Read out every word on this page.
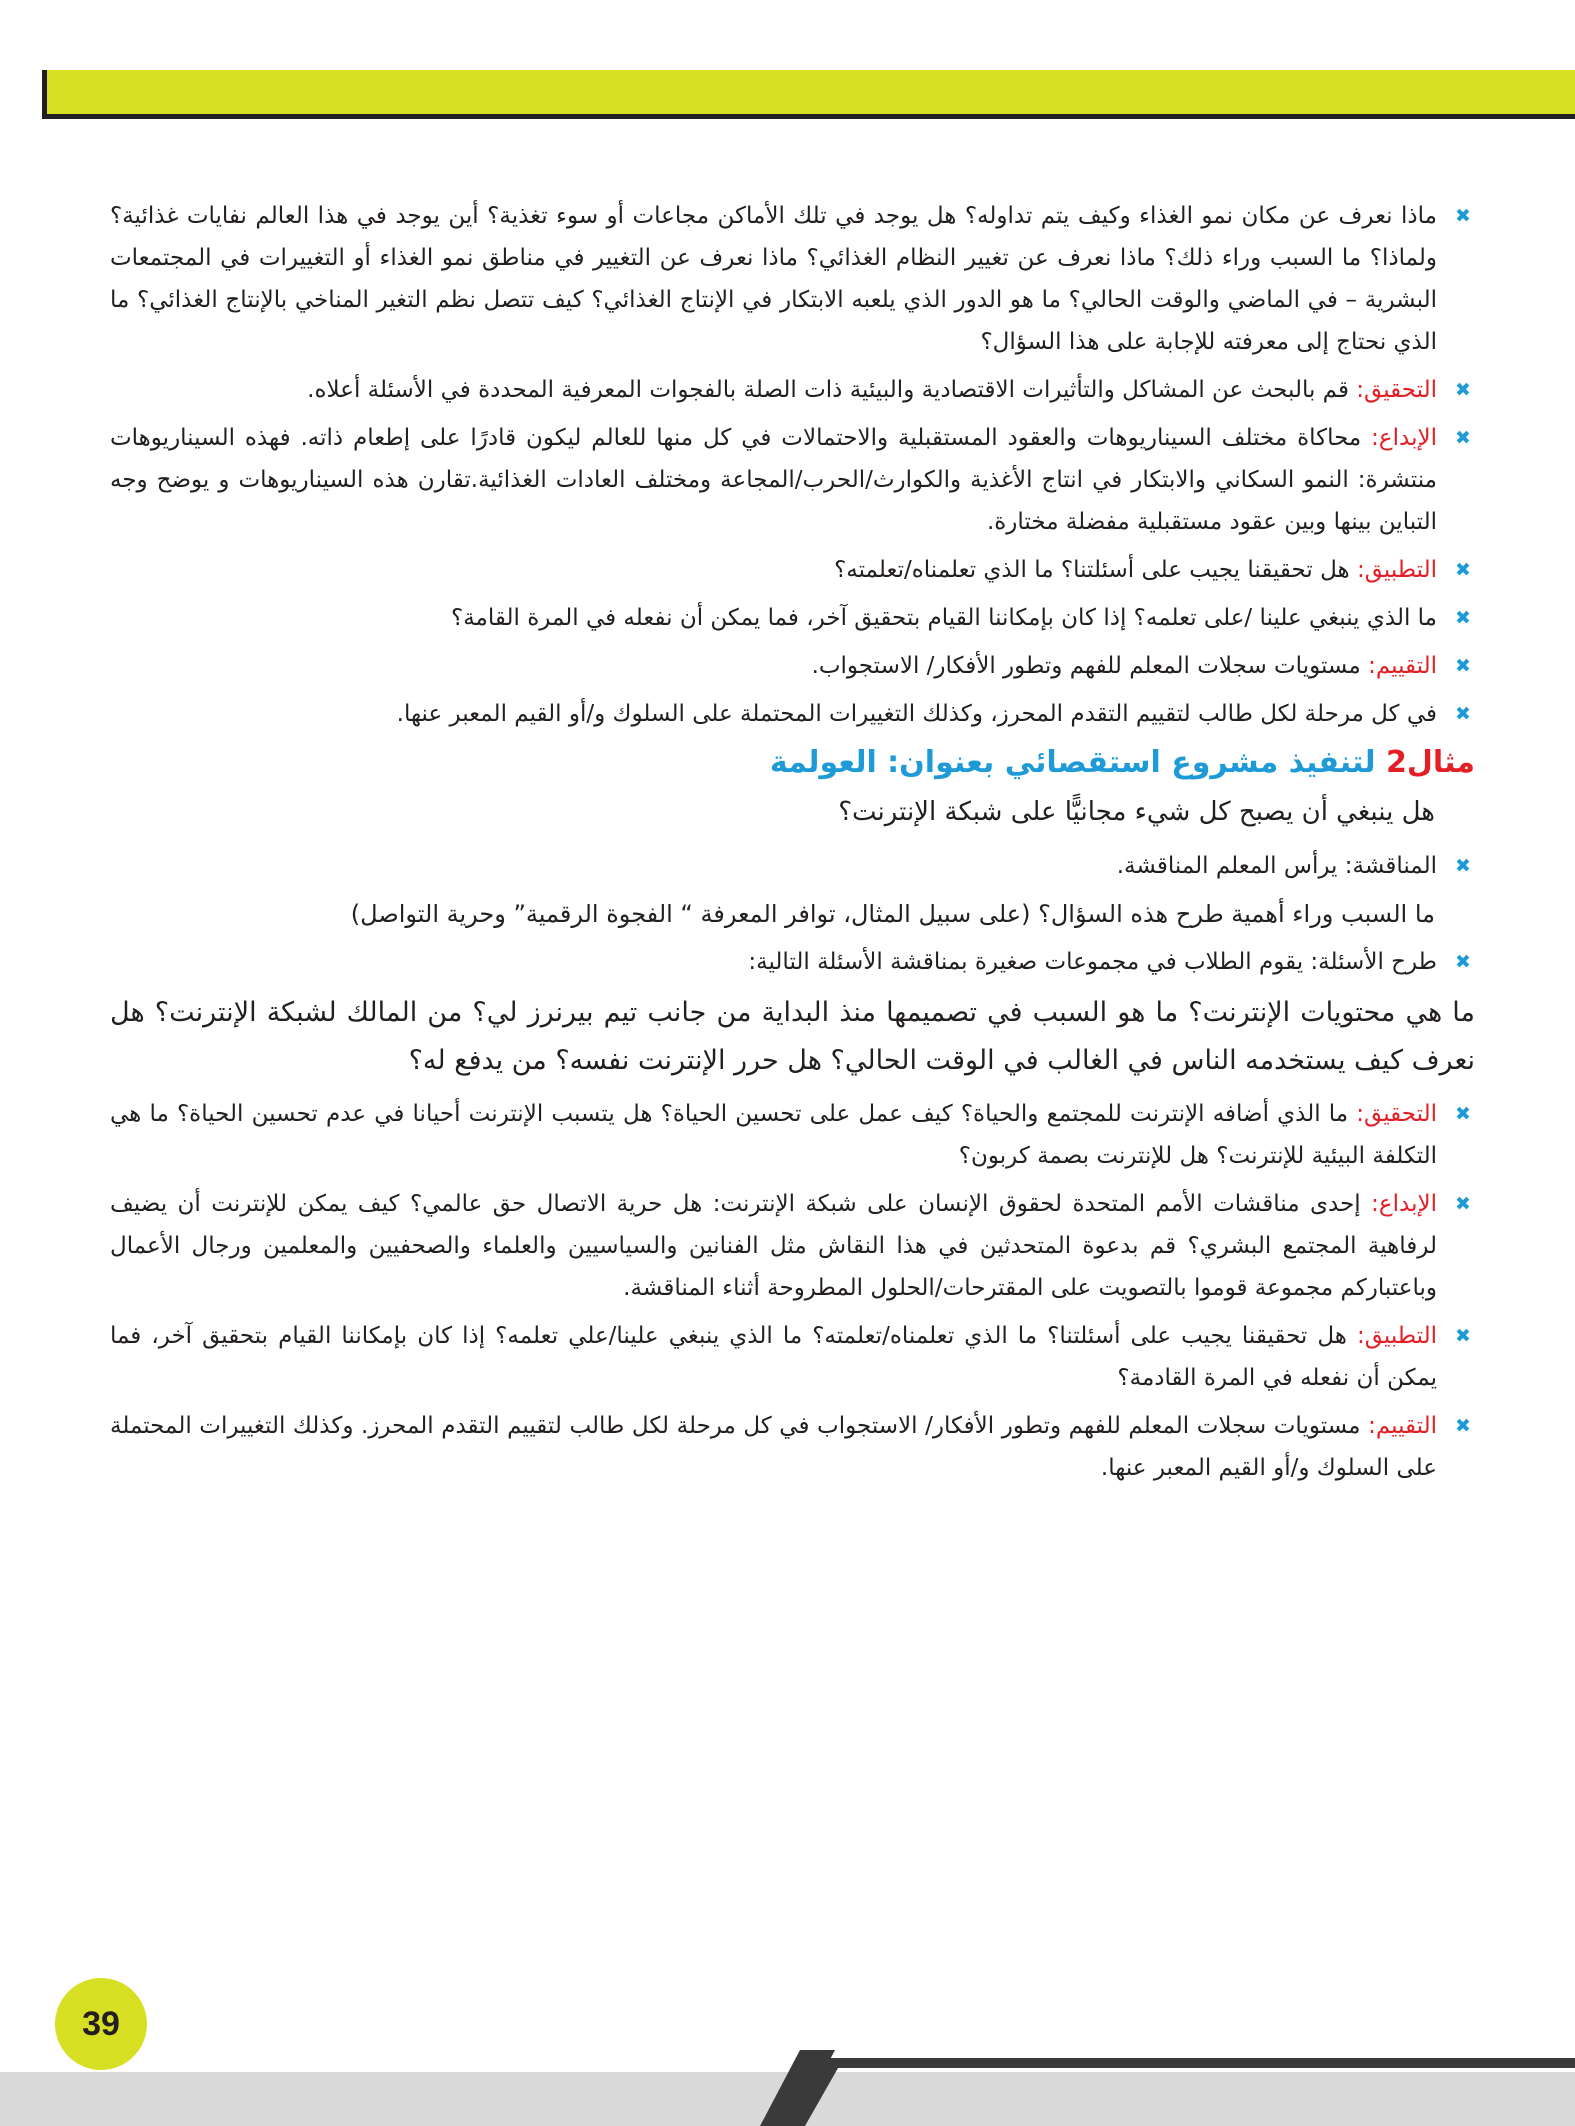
✖
ماذا نعرف عن مكان نمو الغذاء وكيف يتم تداوله؟ هل يوجد في تلك الأماكن مجاعات أو سوء تغذية؟ أين يوجد في هذا العالم نفايات غذائية؟ ولماذا؟ ما السبب وراء ذلك؟ ماذا نعرف عن تغيير النظام الغذائي؟ ماذا نعرف عن التغيير في مناطق نمو الغذاء أو التغييرات في المجتمعات البشرية – في الماضي والوقت الحالي؟ ما هو الدور الذي يلعبه الابتكار في الإنتاج الغذائي؟ كيف تتصل نظم التغير المناخي بالإنتاج الغذائي؟ ما الذي نحتاج إلى معرفته للإجابة على هذا السؤال؟

✖
التحقيق: قم بالبحث عن المشاكل والتأثيرات الاقتصادية والبيئية ذات الصلة بالفجوات المعرفية المحددة في الأسئلة أعلاه.

✖
الإبداع: محاكاة مختلف السيناريوهات والعقود المستقبلية والاحتمالات في كل منها للعالم ليكون قادرًا على إطعام ذاته. فهذه السيناريوهات منتشرة: النمو السكاني والابتكار في انتاج الأغذية والكوارث/الحرب/المجاعة ومختلف العادات الغذائية.تقارن هذه السيناريوهات و يوضح وجه التباين بينها وبين عقود مستقبلية مفضلة مختارة.

✖
التطبيق: هل تحقيقنا يجيب على أسئلتنا؟ ما الذي تعلمناه/تعلمته؟

✖
ما الذي ينبغي علينا /على تعلمه؟ إذا كان بإمكاننا القيام بتحقيق آخر، فما يمكن أن نفعله في المرة القامة؟

✖
التقييم: مستويات سجلات المعلم للفهم وتطور الأفكار/ الاستجواب.

✖
في كل مرحلة لكل طالب لتقييم التقدم المحرز، وكذلك التغييرات المحتملة على السلوك و/أو القيم المعبر عنها.

مثال2 لتنفيذ مشروع استقصائي بعنوان: العولمة

هل ينبغي أن يصبح كل شيء مجانيًّا على شبكة الإنترنت؟

✖
المناقشة: يرأس المعلم المناقشة.

ما السبب وراء أهمية طرح هذه السؤال؟ (على سبيل المثال، توافر المعرفة “ الفجوة الرقمية” وحرية التواصل)

✖
طرح الأسئلة: يقوم الطلاب في مجموعات صغيرة بمناقشة الأسئلة التالية:

ما هي محتويات الإنترنت؟ ما هو السبب في تصميمها منذ البداية من جانب تيم بيرنرز لي؟ من المالك لشبكة الإنترنت؟ هل نعرف كيف يستخدمه الناس في الغالب في الوقت الحالي؟ هل حرر الإنترنت نفسه؟ من يدفع له؟

✖
التحقيق: ما الذي أضافه الإنترنت للمجتمع والحياة؟ كيف عمل على تحسين الحياة؟ هل يتسبب الإنترنت أحيانا في عدم تحسين الحياة؟ ما هي التكلفة البيئية للإنترنت؟ هل للإنترنت بصمة كربون؟

✖
الإبداع: إحدى مناقشات الأمم المتحدة لحقوق الإنسان على شبكة الإنترنت: هل حرية الاتصال حق عالمي؟ كيف يمكن للإنترنت أن يضيف لرفاهية المجتمع البشري؟ قم بدعوة المتحدثين في هذا النقاش مثل الفنانين والسياسيين والعلماء والصحفيين والمعلمين ورجال الأعمال وباعتباركم مجموعة قوموا بالتصويت على المقترحات/الحلول المطروحة أثناء المناقشة.

✖
التطبيق: هل تحقيقنا يجيب على أسئلتنا؟ ما الذي تعلمناه/تعلمته؟ ما الذي ينبغي علينا/علي تعلمه؟ إذا كان بإمكاننا القيام بتحقيق آخر، فما يمكن أن نفعله في المرة القادمة؟

✖
التقييم: مستويات سجلات المعلم للفهم وتطور الأفكار/ الاستجواب في كل مرحلة لكل طالب لتقييم التقدم المحرز. وكذلك التغييرات المحتملة على السلوك و/أو القيم المعبر عنها.

39
